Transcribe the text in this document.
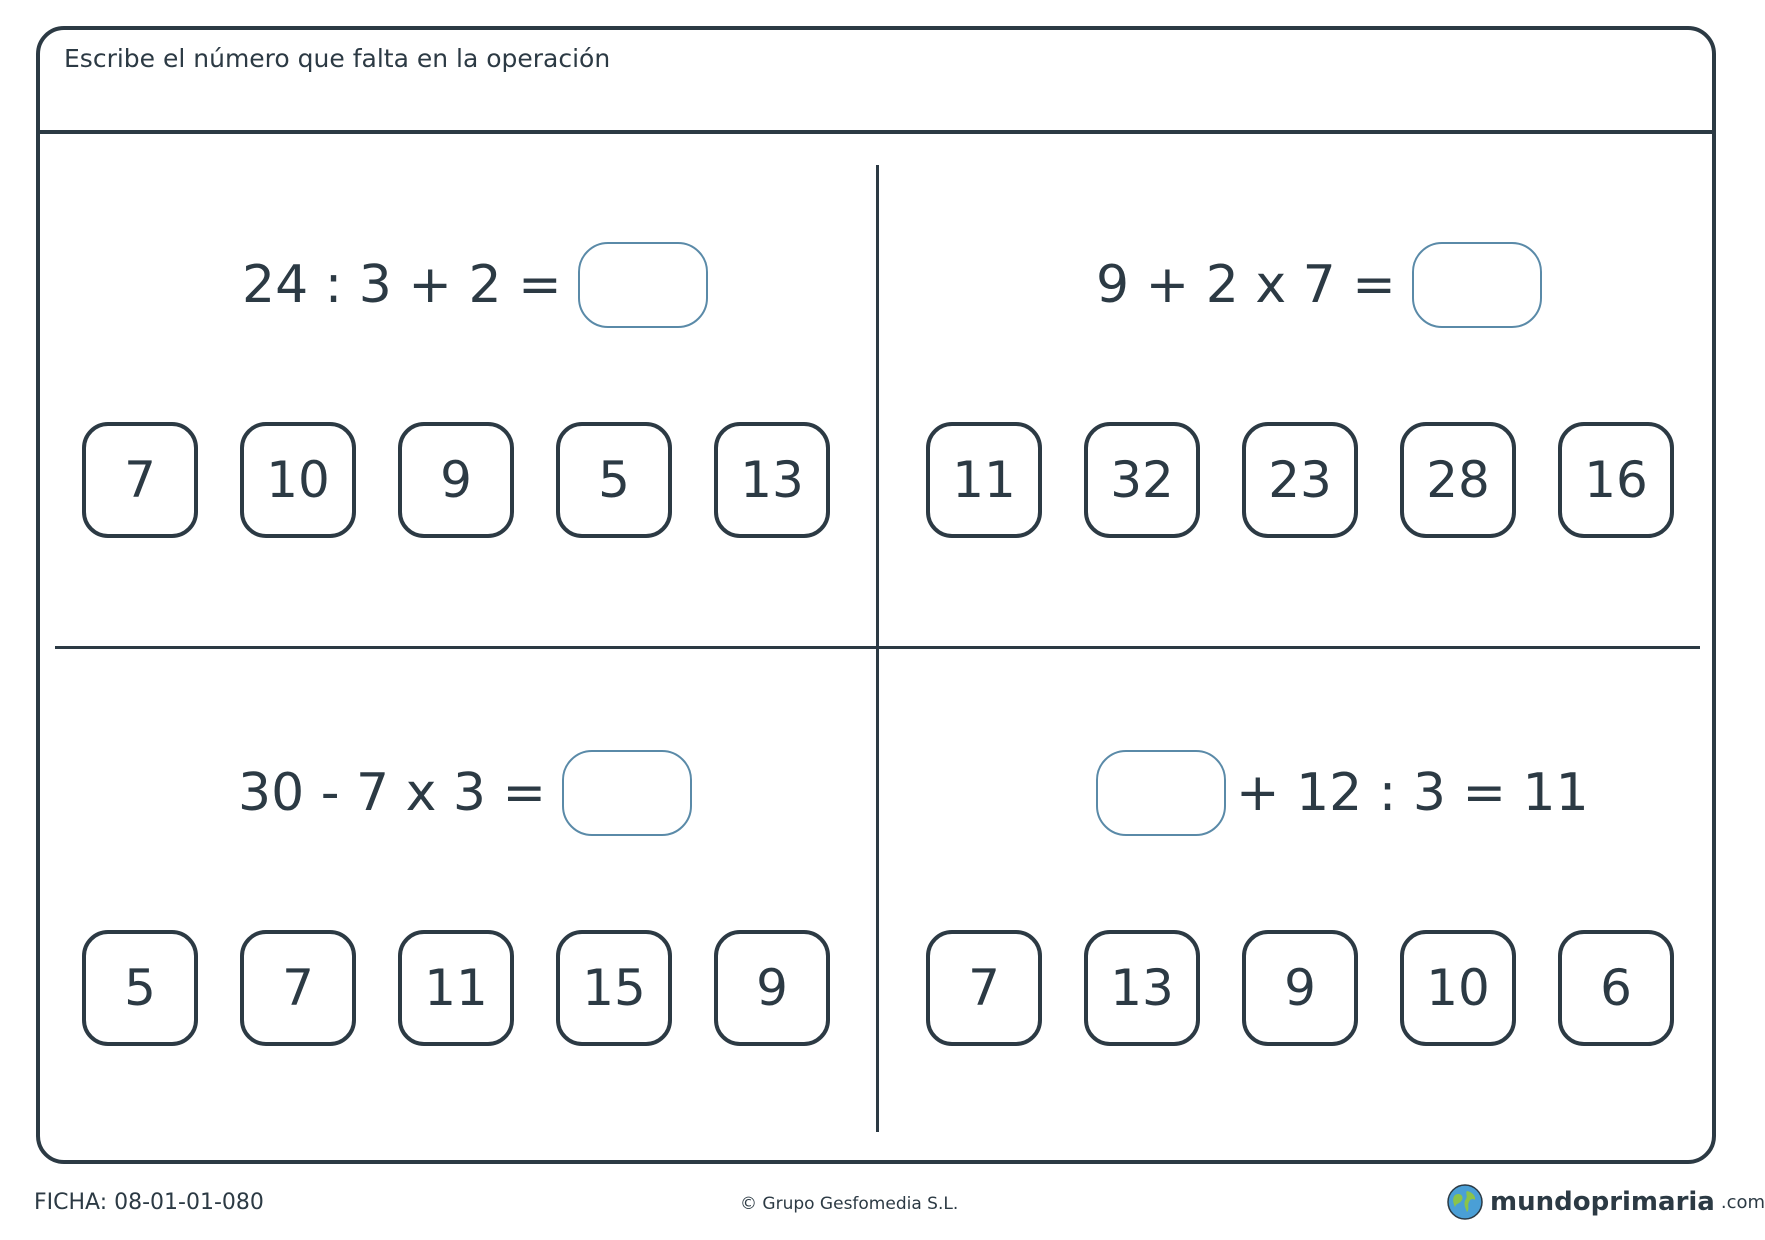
Escribe el número que falta en la operación
24 : 3 + 2 =
7	10	9	5	13
9 + 2 x 7 =
11	32	23	28	16
30 - 7 x 3 =
5	7	11	15	9
+ 12 : 3 = 11
7	13	9	10	6
FICHA: 08-01-01-080	© Grupo Gesfomedia S.L.	mundoprimaria .com
